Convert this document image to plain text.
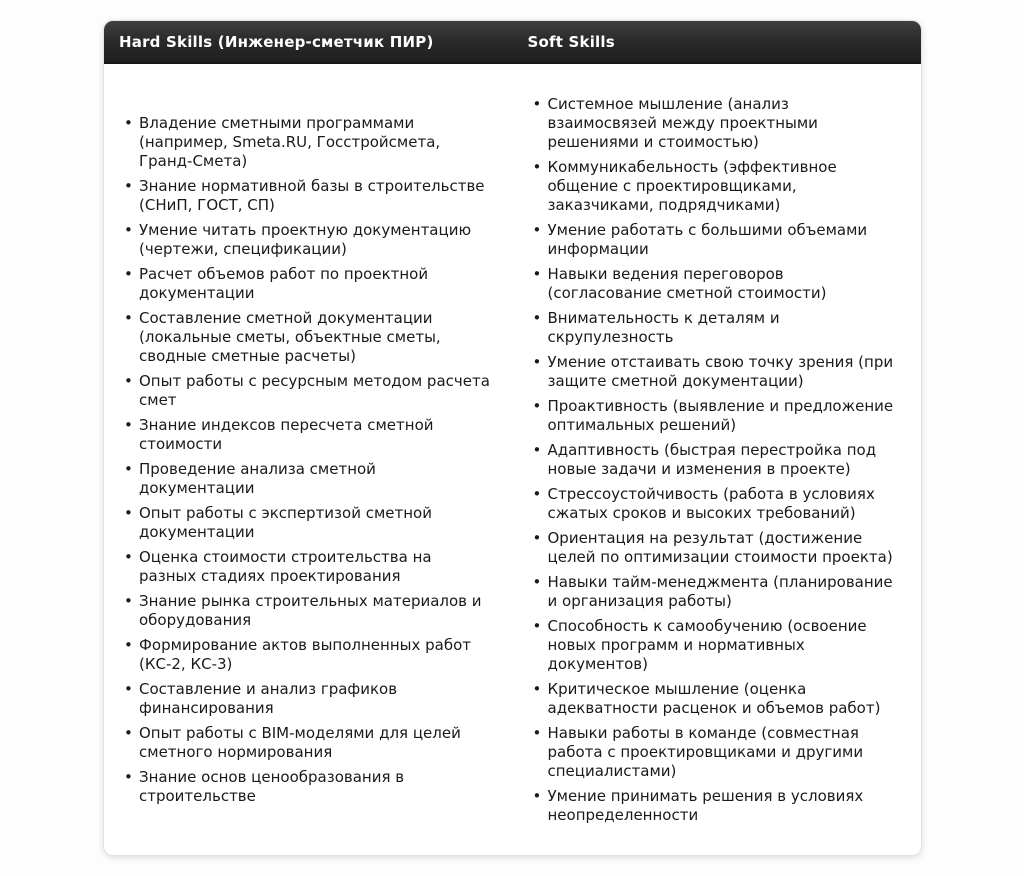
Hard Skills (Инженер-сметчик ПИР)	Soft Skills
• Владение сметными программами (например, Smeta.RU, Госстройсмета, Гранд-Смета)
• Знание нормативной базы в строительстве (СНиП, ГОСТ, СП)
• Умение читать проектную документацию (чертежи, спецификации)
• Расчет объемов работ по проектной документации
• Составление сметной документации (локальные сметы, объектные сметы, сводные сметные расчеты)
• Опыт работы с ресурсным методом расчета смет
• Знание индексов пересчета сметной стоимости
• Проведение анализа сметной документации
• Опыт работы с экспертизой сметной документации
• Оценка стоимости строительства на разных стадиях проектирования
• Знание рынка строительных материалов и оборудования
• Формирование актов выполненных работ (КС-2, КС-3)
• Составление и анализ графиков финансирования
• Опыт работы с BIM-моделями для целей сметного нормирования
• Знание основ ценообразования в строительстве
• Системное мышление (анализ взаимосвязей между проектными решениями и стоимостью)
• Коммуникабельность (эффективное общение с проектировщиками, заказчиками, подрядчиками)
• Умение работать с большими объемами информации
• Навыки ведения переговоров (согласование сметной стоимости)
• Внимательность к деталям и скрупулезность
• Умение отстаивать свою точку зрения (при защите сметной документации)
• Проактивность (выявление и предложение оптимальных решений)
• Адаптивность (быстрая перестройка под новые задачи и изменения в проекте)
• Стрессоустойчивость (работа в условиях сжатых сроков и высоких требований)
• Ориентация на результат (достижение целей по оптимизации стоимости проекта)
• Навыки тайм-менеджмента (планирование и организация работы)
• Способность к самообучению (освоение новых программ и нормативных документов)
• Критическое мышление (оценка адекватности расценок и объемов работ)
• Навыки работы в команде (совместная работа с проектировщиками и другими специалистами)
• Умение принимать решения в условиях неопределенности
